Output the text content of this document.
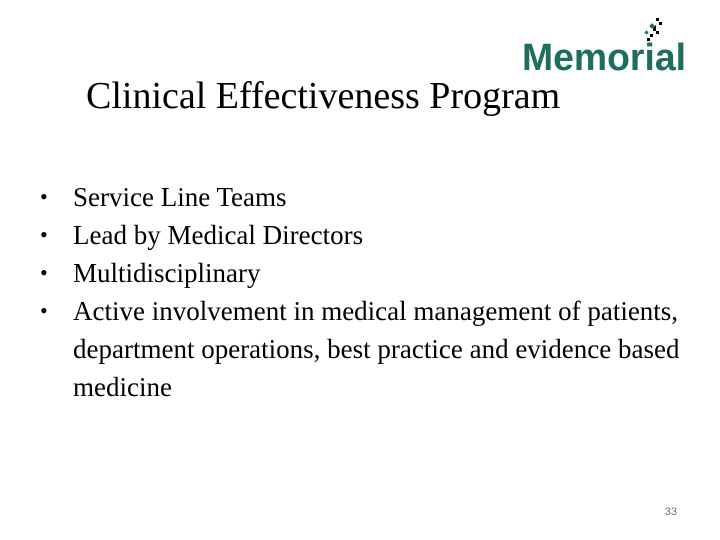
Memorial
Clinical Effectiveness Program
• Service Line Teams
• Lead by Medical Directors
• Multidisciplinary
• Active involvement in medical management of patients, department operations, best practice and evidence based medicine
33
